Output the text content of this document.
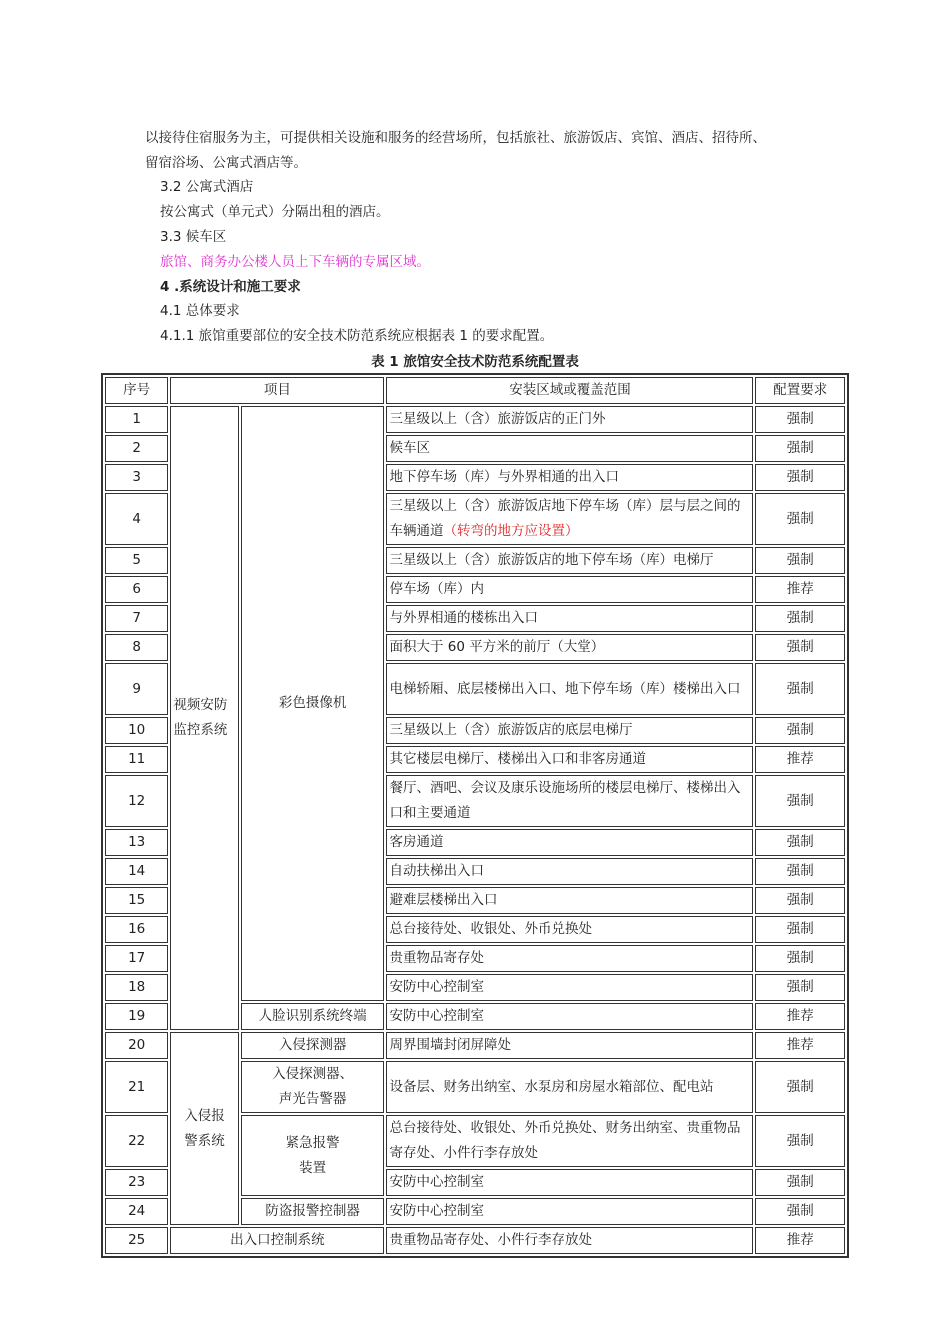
以接待住宿服务为主，可提供相关设施和服务的经营场所，包括旅社、旅游饭店、宾馆、酒店、招待所、
留宿浴场、公寓式酒店等。
3.2 公寓式酒店
按公寓式（单元式）分隔出租的酒店。
3.3 候车区
旅馆、商务办公楼人员上下车辆的专属区域。
4 .系统设计和施工要求
4.1 总体要求
4.1.1 旅馆重要部位的安全技术防范系统应根据表 1 的要求配置。
表 1 旅馆安全技术防范系统配置表
序号	项目		安装区域或覆盖范围	配置要求
1	视频安防监控系统	彩色摄像机	三星级以上（含）旅游饭店的正门外	强制
2			候车区	强制
3			地下停车场（库）与外界相通的出入口	强制
4			三星级以上（含）旅游饭店地下停车场（库）层与层之间的车辆通道（转弯的地方应设置）	强制
5			三星级以上（含）旅游饭店的地下停车场（库）电梯厅	强制
6			停车场（库）内	推荐
7			与外界相通的楼栋出入口	强制
8			面积大于 60 平方米的前厅（大堂）	强制
9			电梯轿厢、底层楼梯出入口、地下停车场（库）楼梯出入口	强制
10			三星级以上（含）旅游饭店的底层电梯厅	强制
11			其它楼层电梯厅、楼梯出入口和非客房通道	推荐
12			餐厅、酒吧、会议及康乐设施场所的楼层电梯厅、楼梯出入口和主要通道	强制
13			客房通道	强制
14			自动扶梯出入口	强制
15			避难层楼梯出入口	强制
16			总台接待处、收银处、外币兑换处	强制
17			贵重物品寄存处	强制
18			安防中心控制室	强制
19		人脸识别系统终端	安防中心控制室	推荐
20	入侵报警系统	入侵探测器	周界围墙封闭屏障处	推荐
21		入侵探测器、声光告警器	设备层、财务出纳室、水泵房和房屋水箱部位、配电站	强制
22		紧急报警装置	总台接待处、收银处、外币兑换处、财务出纳室、贵重物品寄存处、小件行李存放处	强制
23			安防中心控制室	强制
24		防盗报警控制器	安防中心控制室	强制
25	出入口控制系统		贵重物品寄存处、小件行李存放处	推荐
